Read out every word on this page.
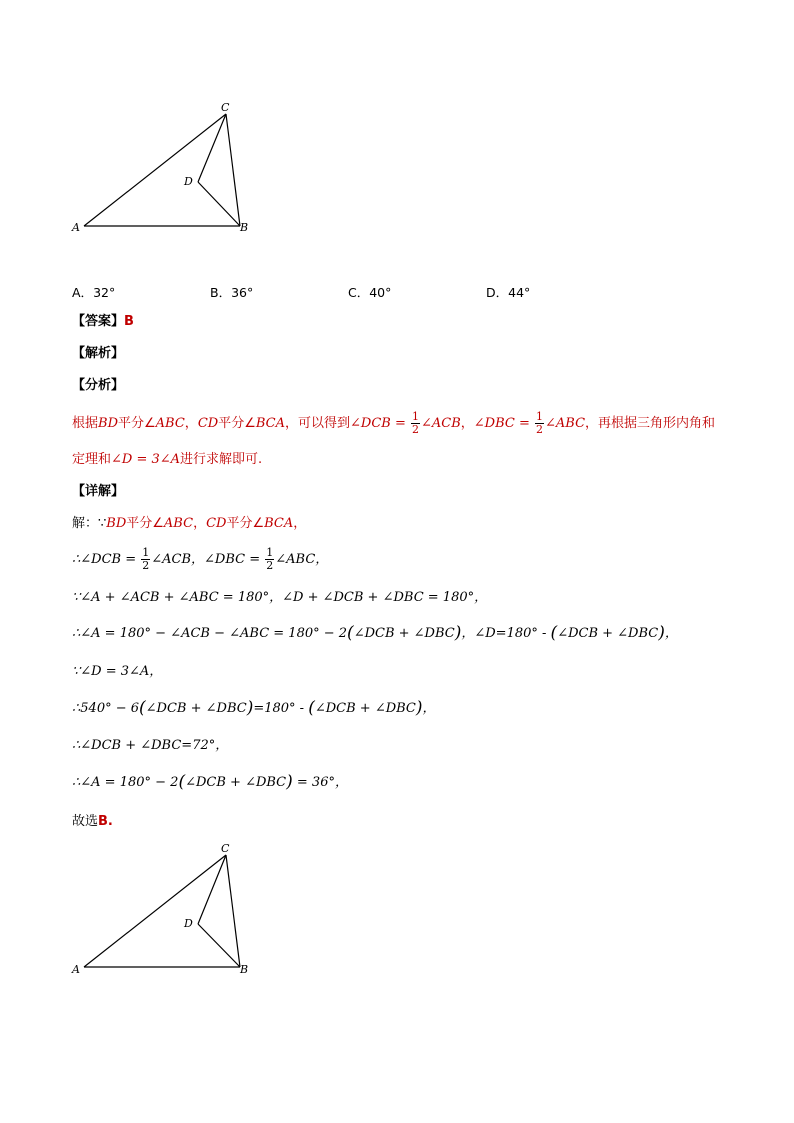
C
D
A	B
A．32°	B．36°	C．40°	D．44°
【答案】B
【解析】
【分析】
根据BD平分∠ABC，CD平分∠BCA，可以得到∠DCB = $\frac{1}{2}$ ∠ACB，∠DBC = $\frac{1}{2}$ ∠ABC，再根据三角形内角和
定理和∠D = 3∠A进行求解即可.
【详解】
解：∵BD平分∠ABC，CD平分∠BCA，
∴∠DCB = $\frac{1}{2}$ ∠ACB，∠DBC = $\frac{1}{2}$ ∠ABC，
∵∠A + ∠ACB + ∠ABC = 180°，∠D + ∠DCB + ∠DBC = 180°，
∴∠A = 180° − ∠ACB − ∠ABC = 180° − 2(∠DCB + ∠DBC)，∠D=180° - (∠DCB + ∠DBC)，
∵∠D = 3∠A，
∴540° − 6(∠DCB + ∠DBC)=180° - (∠DCB + ∠DBC)，
∴∠DCB + ∠DBC=72°，
∴∠A = 180° − 2(∠DCB + ∠DBC) = 36°，
故选B.
C
D
A	B
